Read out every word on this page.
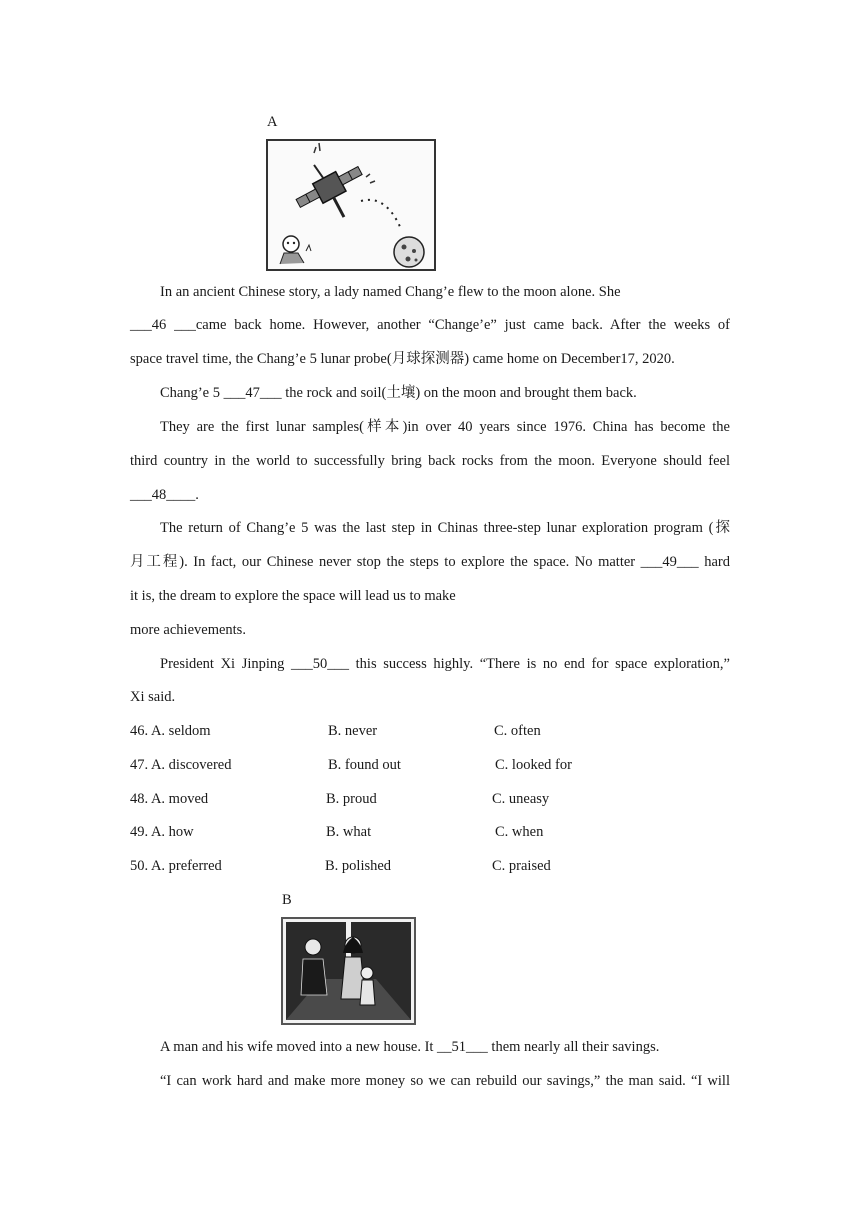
A
In an ancient Chinese story, a lady named Chang’e flew to the moon alone. She
___46 ___came back home. However, another “Change’e” just came back. After the weeks of
space travel time, the Chang’e 5 lunar probe(月球探测器) came home on December17, 2020.
Chang’e 5 ___47___ the rock and soil(土壤) on the moon and brought them back.
They are the first lunar samples(样本)in over 40 years since 1976. China has become the
third country in the world to successfully bring back rocks from the moon. Everyone should feel
___48____.
The return of Chang’e 5 was the last step in Chinas three-step lunar exploration program (探
月工程). In fact, our Chinese never stop the steps to explore the space. No matter ___49___ hard
it is, the dream to explore the space will lead us to make
more achievements.
President Xi Jinping ___50___ this success highly. “There is no end for space exploration,”
Xi said.
46. A. seldom	B. never	C. often
47. A. discovered	B. found out	C. looked for
48. A. moved	B. proud	C. uneasy
49. A. how	B. what	C. when
50. A. preferred	B. polished	C. praised
B
A man and his wife moved into a new house. It __51___ them nearly all their savings.
“I can work hard and make more money so we can rebuild our savings,” the man said. “I will
